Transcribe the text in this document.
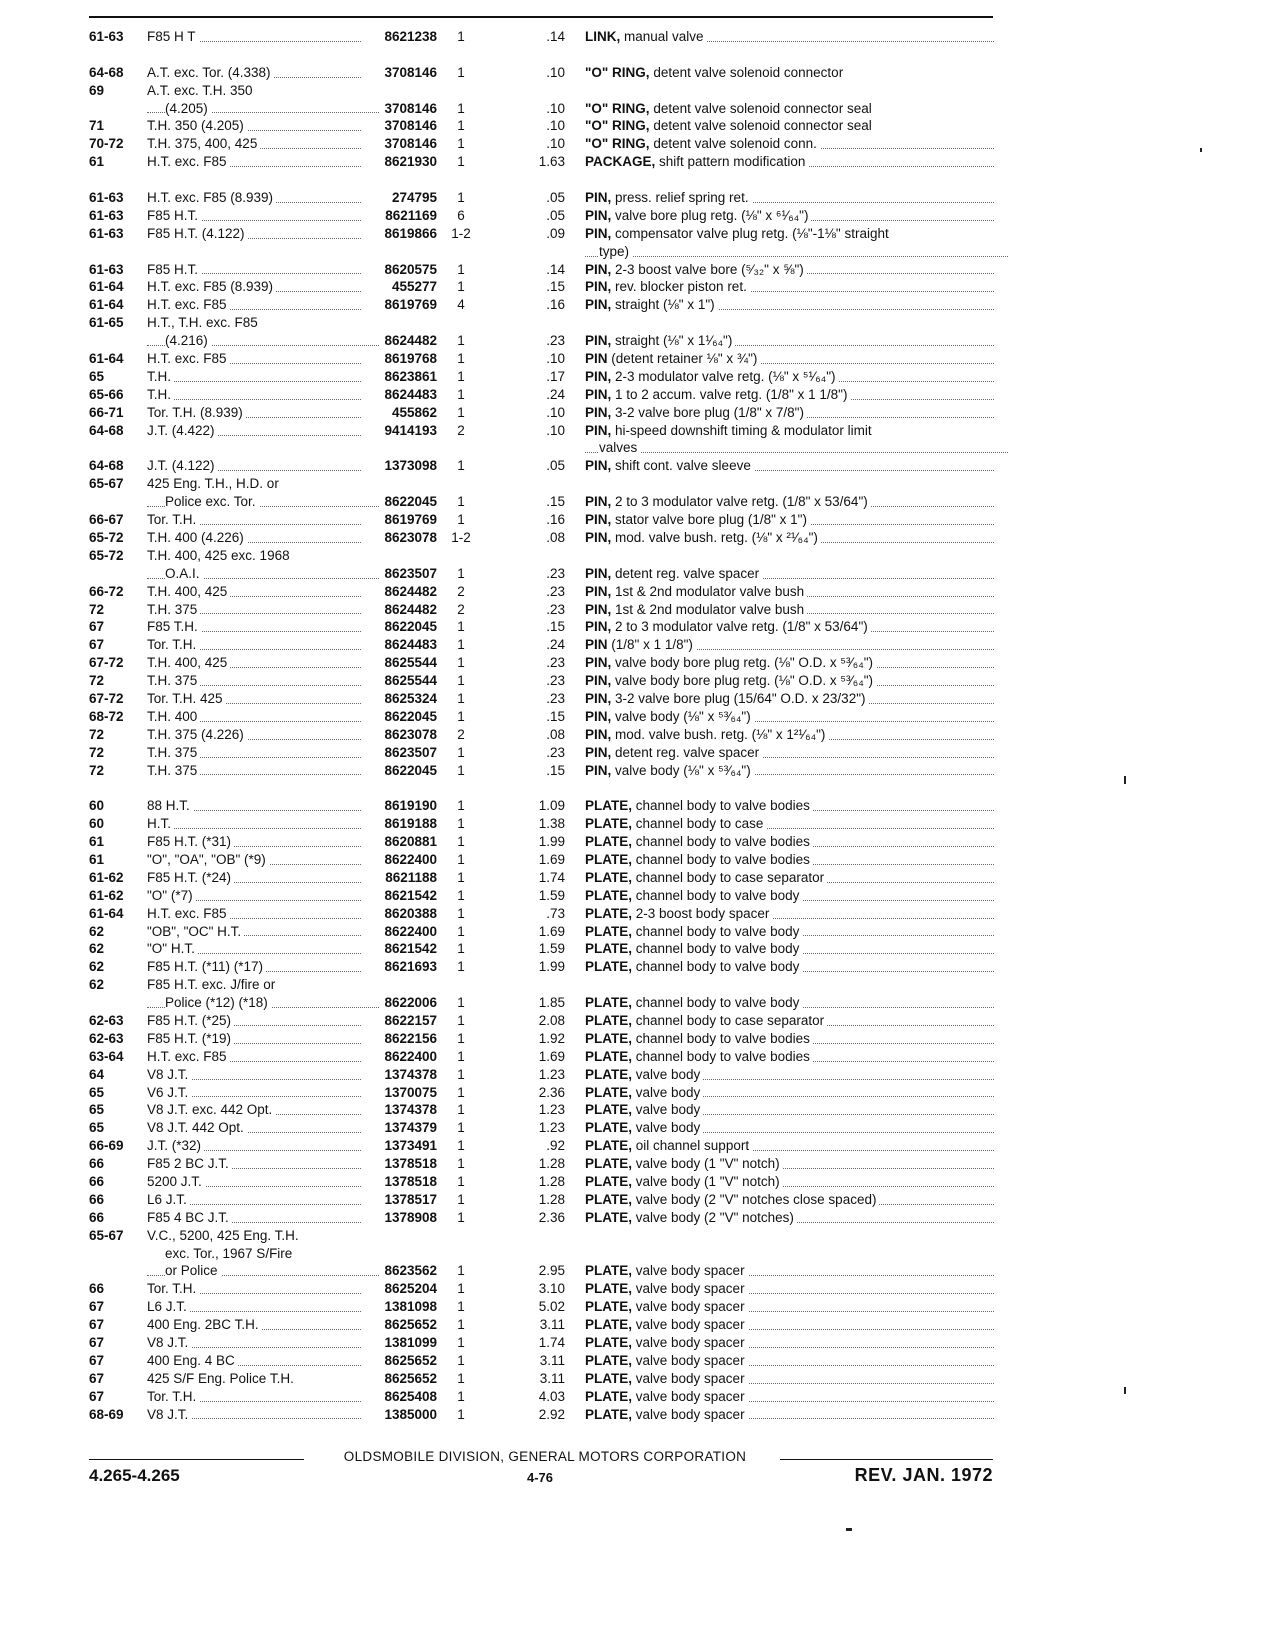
61-63	F85 H T	8621238	1	.14 LINK, manual valve
64-68	A.T. exc. Tor. (4.338)	3708146	1	.10 "O" RING, detent valve solenoid connector
69	A.T. exc. T.H. 350
(4.205)	3708146	1	.10 "O" RING, detent valve solenoid connector seal
71	T.H. 350 (4.205)	3708146	1	.10 "O" RING, detent valve solenoid connector seal
70-72	T.H. 375, 400, 425	3708146	1	.10 "O" RING, detent valve solenoid conn.
61	H.T. exc. F85	8621930	1	1.63 PACKAGE, shift pattern modification
61-63	H.T. exc. F85 (8.939)	274795	1	.05 PIN, press. relief spring ret.
61-63	F85 H.T.	8621169	6	.05 PIN, valve bore plug retg. (⅛" x ⁶¹⁄₆₄")
61-63	F85 H.T. (4.122)	8619866	1-2	.09 PIN, compensator valve plug retg. (⅛"-1⅛" straight
type)
61-63	F85 H.T.	8620575	1	.14 PIN, 2-3 boost valve bore (⁵⁄₃₂" x ⅝")
61-64	H.T. exc. F85 (8.939)	455277	1	.15 PIN, rev. blocker piston ret.
61-64	H.T. exc. F85	8619769	4	.16 PIN, straight (⅛" x 1")
61-65	H.T., T.H. exc. F85
(4.216)	8624482	1	.23 PIN, straight (⅛" x 1¹⁄₆₄")
61-64	H.T. exc. F85	8619768	1	.10 PIN (detent retainer ⅛" x ¾")
65	T.H.	8623861	1	.17 PIN, 2-3 modulator valve retg. (⅛" x ⁵¹⁄₆₄")
65-66	T.H.	8624483	1	.24 PIN, 1 to 2 accum. valve retg. (1/8" x 1 1/8")
66-71	Tor. T.H. (8.939)	455862	1	.10 PIN, 3-2 valve bore plug (1/8" x 7/8")
64-68	J.T. (4.422)	9414193	2	.10 PIN, hi-speed downshift timing & modulator limit
valves
64-68	J.T. (4.122)	1373098	1	.05 PIN, shift cont. valve sleeve
65-67	425 Eng. T.H., H.D. or
Police exc. Tor.	8622045	1	.15 PIN, 2 to 3 modulator valve retg. (1/8" x 53/64")
66-67	Tor. T.H.	8619769	1	.16 PIN, stator valve bore plug (1/8" x 1")
65-72	T.H. 400 (4.226)	8623078	1-2	.08 PIN, mod. valve bush. retg. (⅛" x ²¹⁄₆₄")
65-72	T.H. 400, 425 exc. 1968
O.A.I.	8623507	1	.23 PIN, detent reg. valve spacer
66-72	T.H. 400, 425	8624482	2	.23 PIN, 1st & 2nd modulator valve bush
72	T.H. 375	8624482	2	.23 PIN, 1st & 2nd modulator valve bush
67	F85 T.H.	8622045	1	.15 PIN, 2 to 3 modulator valve retg. (1/8" x 53/64")
67	Tor. T.H.	8624483	1	.24 PIN (1/8" x 1 1/8")
67-72	T.H. 400, 425	8625544	1	.23 PIN, valve body bore plug retg. (⅛" O.D. x ⁵³⁄₆₄")
72	T.H. 375	8625544	1	.23 PIN, valve body bore plug retg. (⅛" O.D. x ⁵³⁄₆₄")
67-72	Tor. T.H. 425	8625324	1	.23 PIN, 3-2 valve bore plug (15/64" O.D. x 23/32")
68-72	T.H. 400	8622045	1	.15 PIN, valve body (⅛" x ⁵³⁄₆₄")
72	T.H. 375 (4.226)	8623078	2	.08 PIN, mod. valve bush. retg. (⅛" x 1²¹⁄₆₄")
72	T.H. 375	8623507	1	.23 PIN, detent reg. valve spacer
72	T.H. 375	8622045	1	.15 PIN, valve body (⅛" x ⁵³⁄₆₄")
60	88 H.T.	8619190	1	1.09 PLATE, channel body to valve bodies
60	H.T.	8619188	1	1.38 PLATE, channel body to case
61	F85 H.T. (*31)	8620881	1	1.99 PLATE, channel body to valve bodies
61	"O", "OA", "OB" (*9)	8622400	1	1.69 PLATE, channel body to valve bodies
61-62	F85 H.T. (*24)	8621188	1	1.74 PLATE, channel body to case separator
61-62	"O" (*7)	8621542	1	1.59 PLATE, channel body to valve body
61-64	H.T. exc. F85	8620388	1	.73 PLATE, 2-3 boost body spacer
62	"OB", "OC" H.T.	8622400	1	1.69 PLATE, channel body to valve body
62	"O" H.T.	8621542	1	1.59 PLATE, channel body to valve body
62	F85 H.T. (*11) (*17)	8621693	1	1.99 PLATE, channel body to valve body
62	F85 H.T. exc. J/fire or
Police (*12) (*18)	8622006	1	1.85 PLATE, channel body to valve body
62-63	F85 H.T. (*25)	8622157	1	2.08 PLATE, channel body to case separator
62-63	F85 H.T. (*19)	8622156	1	1.92 PLATE, channel body to valve bodies
63-64	H.T. exc. F85	8622400	1	1.69 PLATE, channel body to valve bodies
64	V8 J.T.	1374378	1	1.23 PLATE, valve body
65	V6 J.T.	1370075	1	2.36 PLATE, valve body
65	V8 J.T. exc. 442 Opt.	1374378	1	1.23 PLATE, valve body
65	V8 J.T. 442 Opt.	1374379	1	1.23 PLATE, valve body
66-69	J.T. (*32)	1373491	1	.92 PLATE, oil channel support
66	F85 2 BC J.T.	1378518	1	1.28 PLATE, valve body (1 "V" notch)
66	5200 J.T.	1378518	1	1.28 PLATE, valve body (1 "V" notch)
66	L6 J.T.	1378517	1	1.28 PLATE, valve body (2 "V" notches close spaced)
66	F85 4 BC J.T.	1378908	1	2.36 PLATE, valve body (2 "V" notches)
65-67	V.C., 5200, 425 Eng. T.H.
exc. Tor., 1967 S/Fire
or Police	8623562	1	2.95 PLATE, valve body spacer
66	Tor. T.H.	8625204	1	3.10 PLATE, valve body spacer
67	L6 J.T.	1381098	1	5.02 PLATE, valve body spacer
67	400 Eng. 2BC T.H.	8625652	1	3.11 PLATE, valve body spacer
67	V8 J.T.	1381099	1	1.74 PLATE, valve body spacer
67	400 Eng. 4 BC	8625652	1	3.11 PLATE, valve body spacer
67	425 S/F Eng. Police T.H.	8625652	1	3.11 PLATE, valve body spacer
67	Tor. T.H.	8625408	1	4.03 PLATE, valve body spacer
68-69	V8 J.T.	1385000	1	2.92 PLATE, valve body spacer
OLDSMOBILE DIVISION, GENERAL MOTORS CORPORATION
4.265-4.265	4-76	REV. JAN. 1972
